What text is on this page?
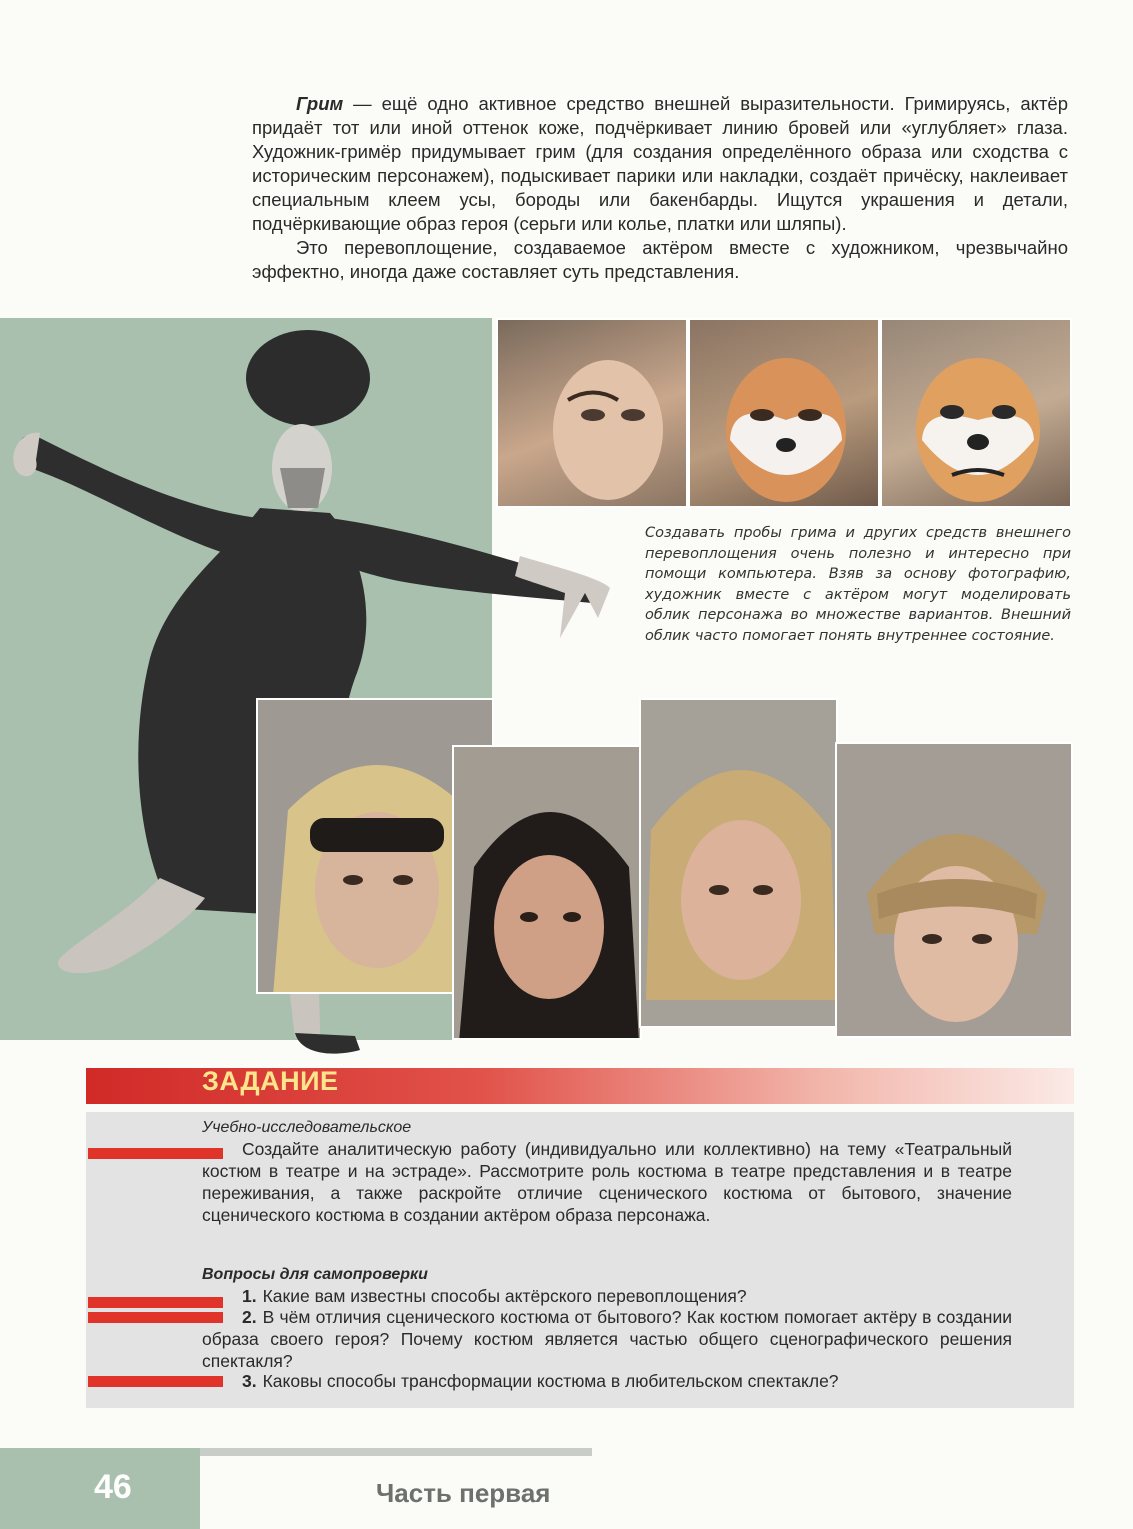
Грим — ещё одно активное средство внешней выразительности. Гримируясь, актёр придаёт тот или иной оттенок коже, подчёркивает линию бровей или «углубляет» глаза. Художник-гримёр придумывает грим (для создания определённого образа или сходства с историческим персонажем), подыскивает парики или накладки, создаёт причёску, наклеивает специальным клеем усы, бороды или бакенбарды. Ищутся украшения и детали, подчёркивающие образ героя (серьги или колье, платки или шляпы).

Это перевоплощение, создаваемое актёром вместе с художником, чрезвычайно эффектно, иногда даже составляет суть представления.

Создавать пробы грима и других средств внешнего перевоплощения очень полезно и интересно при помощи компьютера. Взяв за основу фотографию, художник вместе с актёром могут моделировать облик персонажа во множестве вариантов. Внешний облик часто помогает понять внутреннее состояние.
ЗАДАНИЕ
Учебно-исследовательское

Создайте аналитическую работу (индивидуально или коллективно) на тему «Театральный костюм в театре и на эстраде». Рассмотрите роль костюма в театре представления и в театре переживания, а также раскройте отличие сценического костюма от бытового, значение сценического костюма в создании актёром образа персонажа.

Вопросы для самопроверки
1. Какие вам известны способы актёрского перевоплощения?
2. В чём отличия сценического костюма от бытового? Как костюм помогает актёру в создании образа своего героя? Почему костюм является частью общего сценографического решения спектакля?
3. Каковы способы трансформации костюма в любительском спектакле?
46	Часть первая
